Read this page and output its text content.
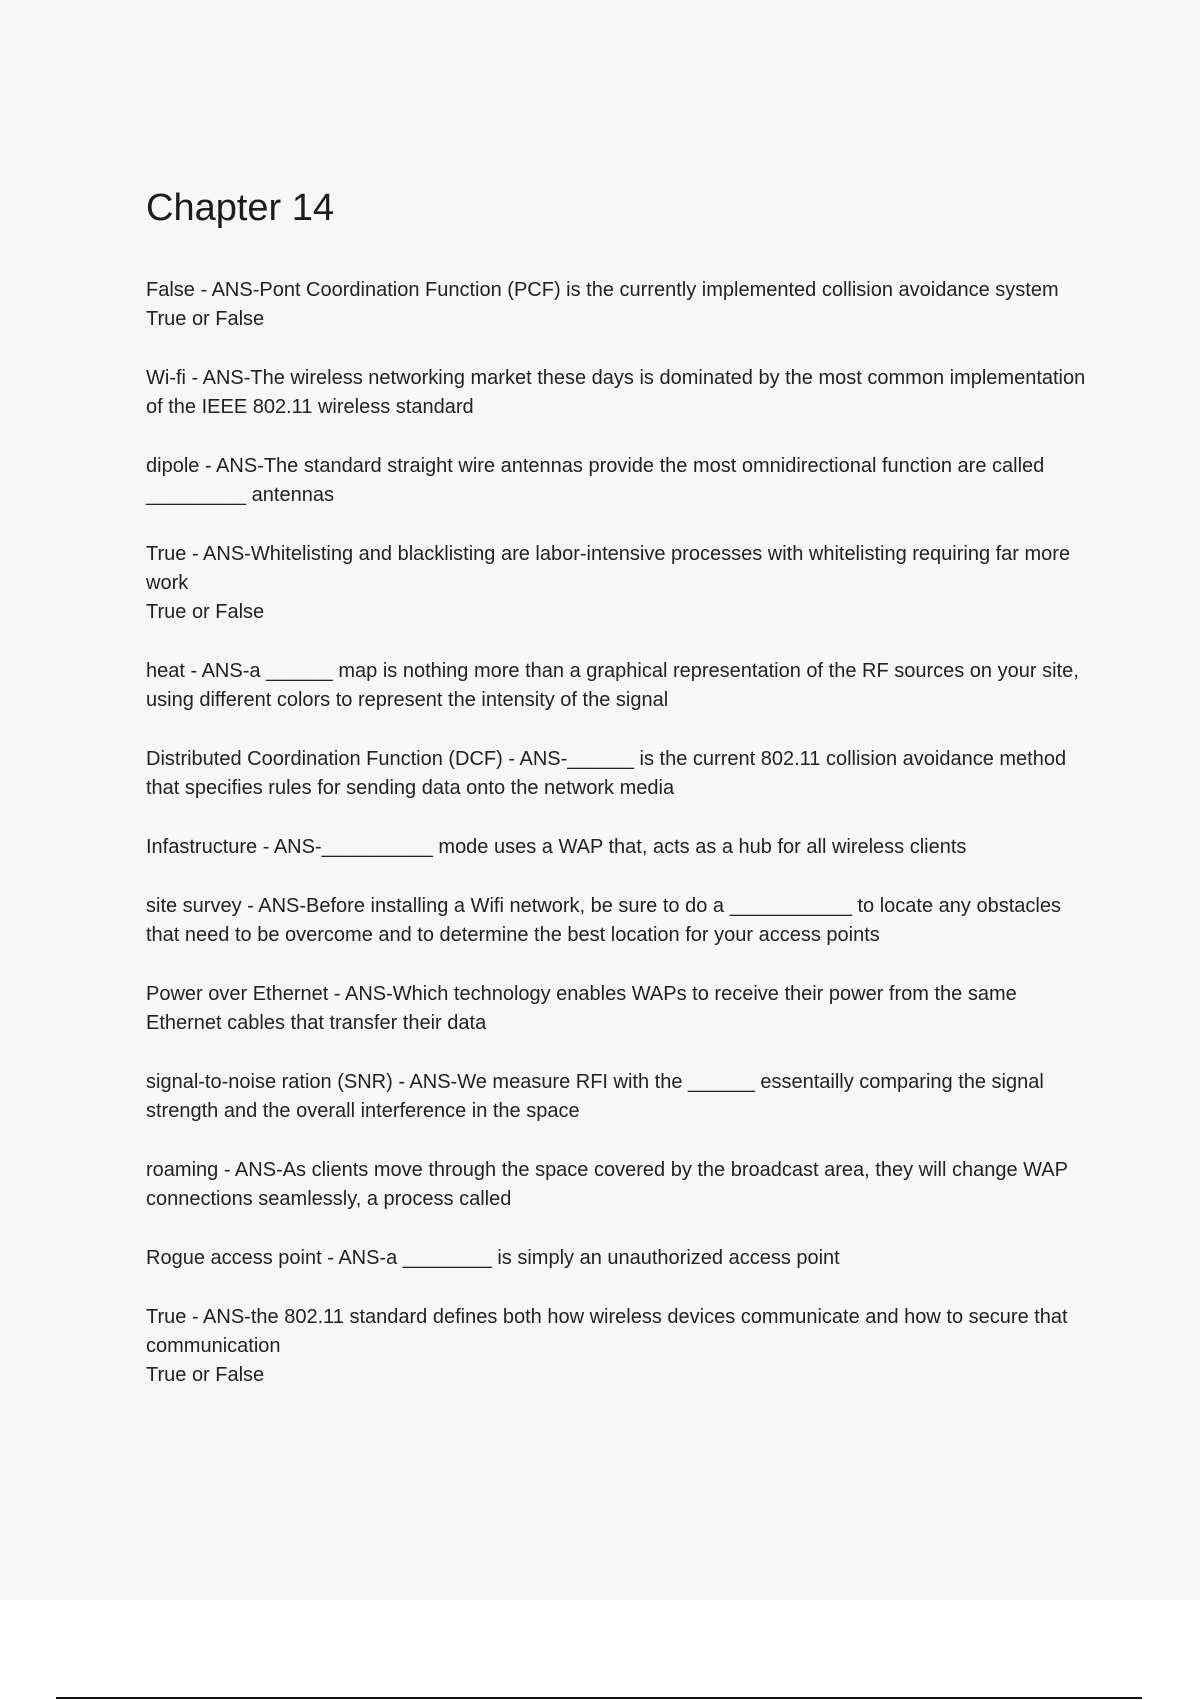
Chapter 14
False - ANS-Pont Coordination Function (PCF) is the currently implemented collision avoidance system
True or False
Wi-fi - ANS-The wireless networking market these days is dominated by the most common implementation of the IEEE 802.11 wireless standard
dipole - ANS-The standard straight wire antennas provide the most omnidirectional function are called _________ antennas
True - ANS-Whitelisting and blacklisting are labor-intensive processes with whitelisting requiring far more work
True or False
heat - ANS-a ______ map is nothing more than a graphical representation of the RF sources on your site, using different colors to represent the intensity of the signal
Distributed Coordination Function (DCF) - ANS-______ is the current 802.11 collision avoidance method that specifies rules for sending data onto the network media
Infastructure - ANS-__________ mode uses a WAP that, acts as a hub for all wireless clients
site survey - ANS-Before installing a Wifi network, be sure to do a ___________ to locate any obstacles that need to be overcome and to determine the best location for your access points
Power over Ethernet - ANS-Which technology enables WAPs to receive their power from the same Ethernet cables that transfer their data
signal-to-noise ration (SNR) - ANS-We measure RFI with the ______ essentailly comparing the signal strength and the overall interference in the space
roaming - ANS-As clients move through the space covered by the broadcast area, they will change WAP connections seamlessly, a process called
Rogue access point - ANS-a ________ is simply an unauthorized access point
True - ANS-the 802.11 standard defines both how wireless devices communicate and how to secure that communication
True or False
